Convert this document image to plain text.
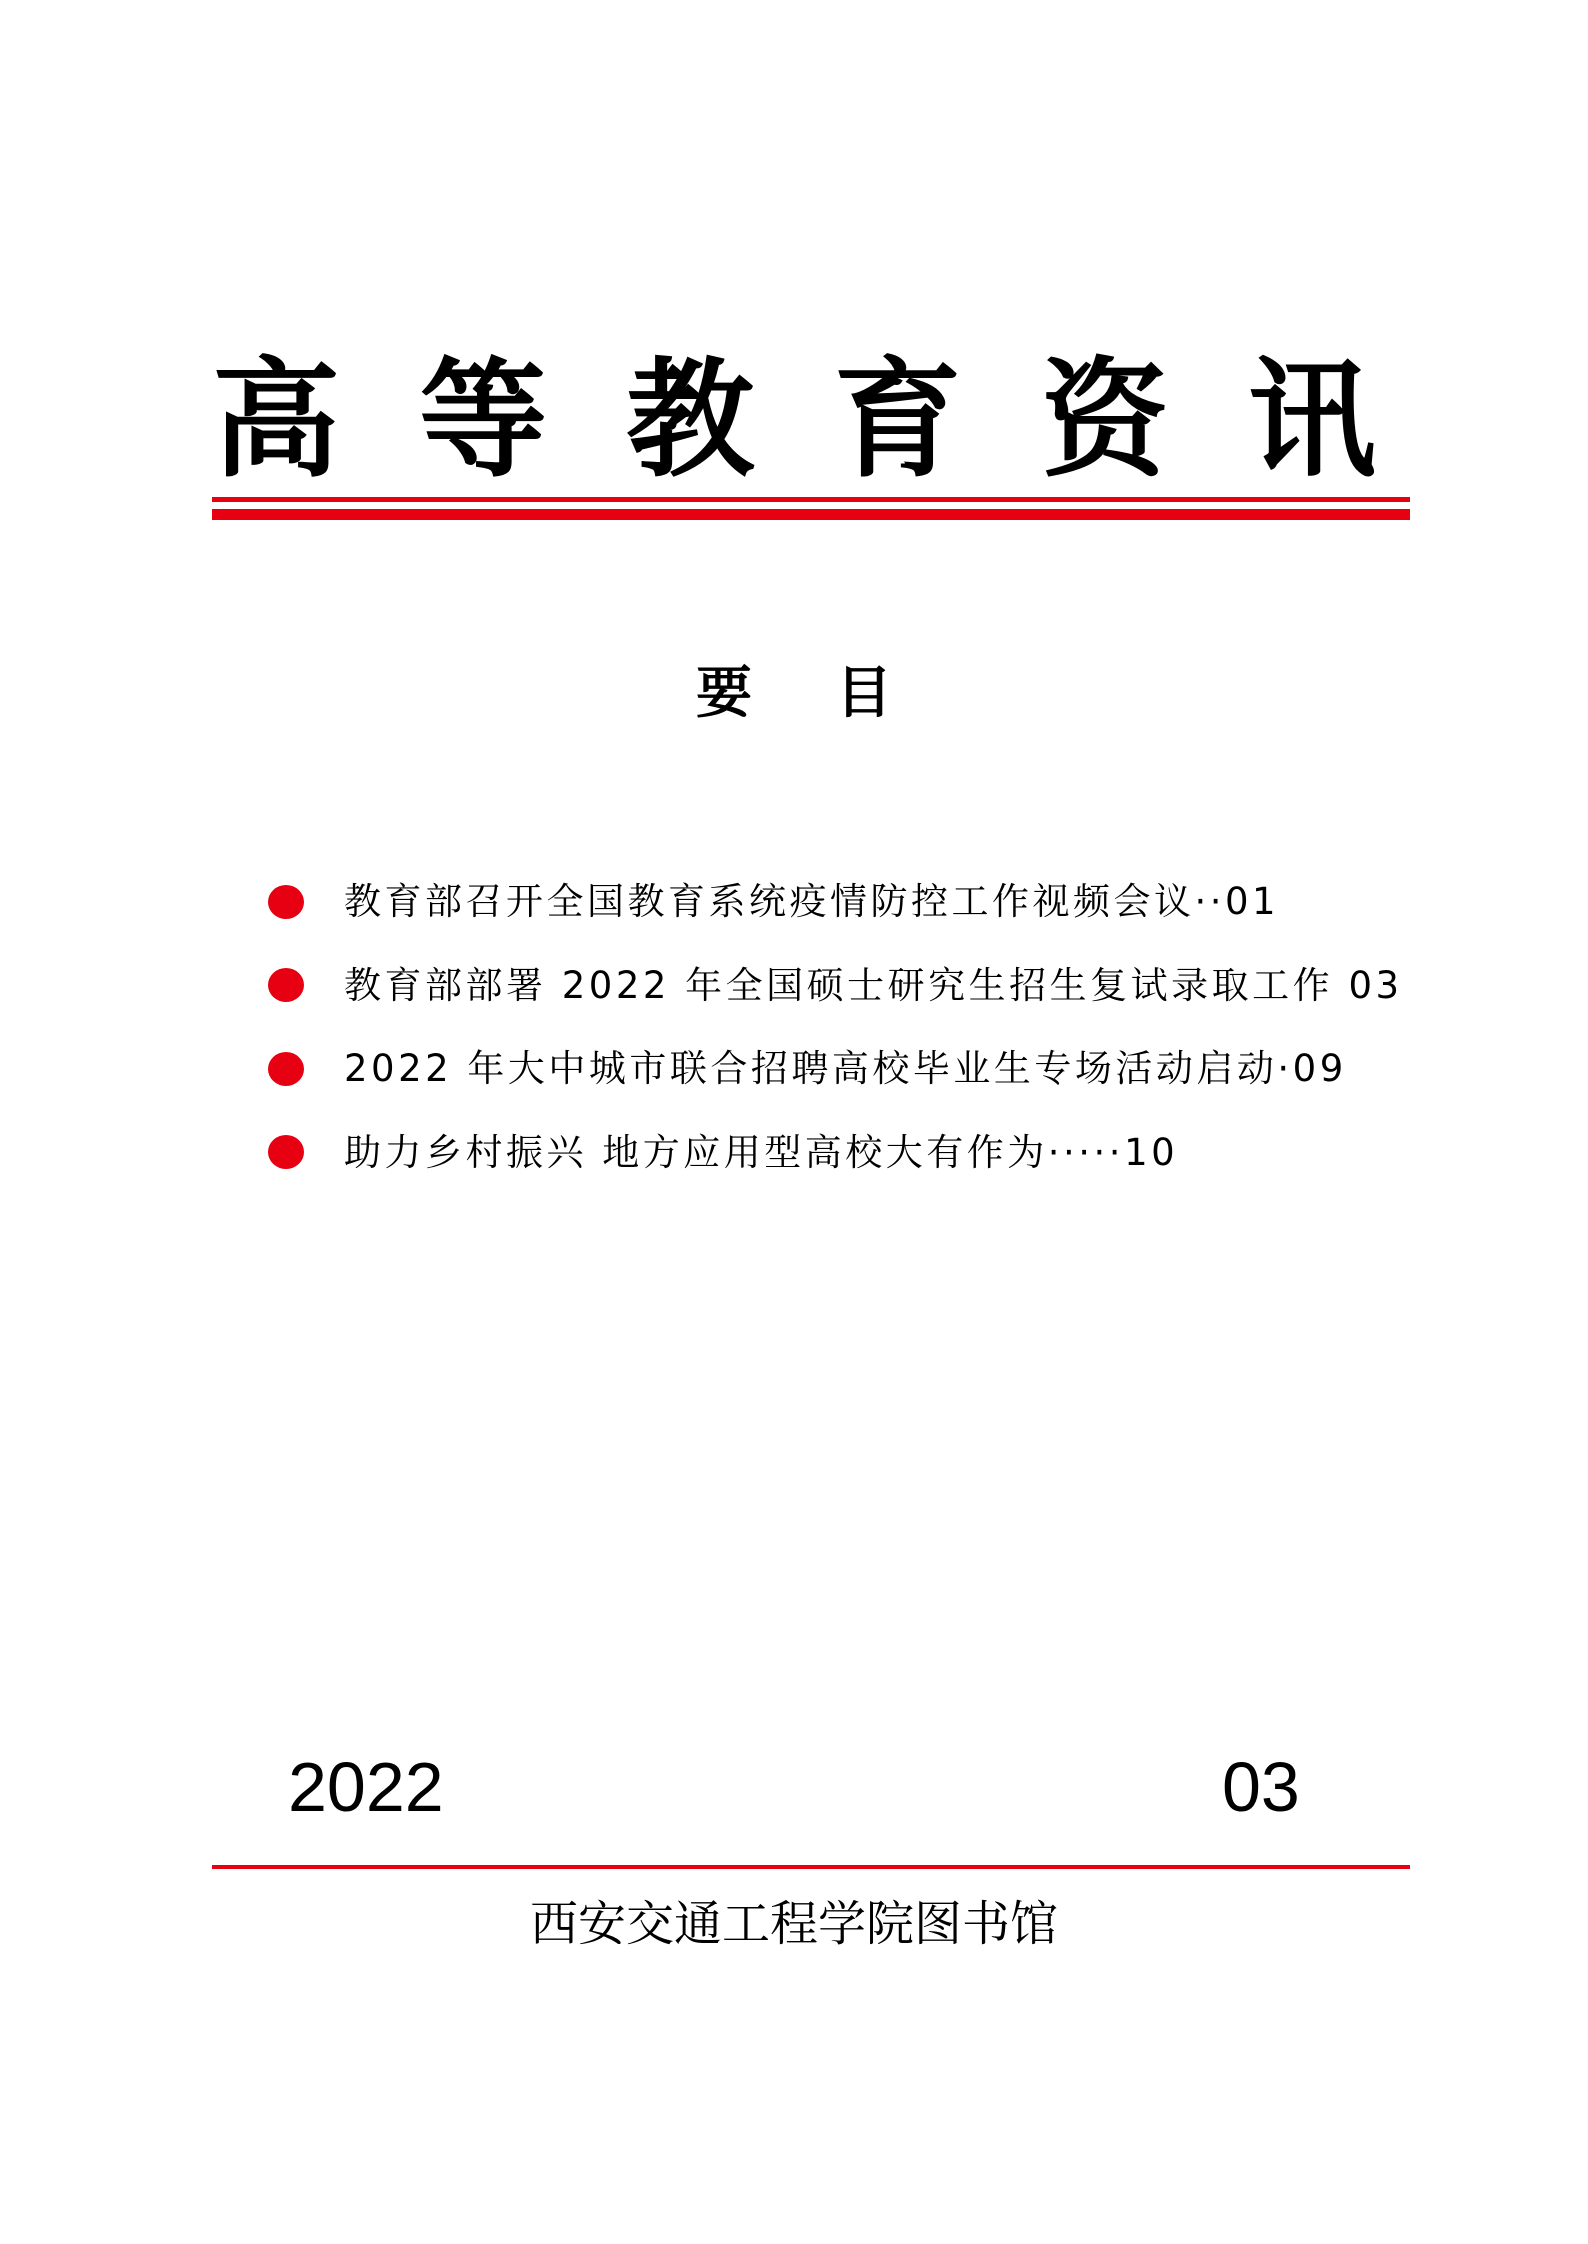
高 等 教 育 资 讯
要目
教育部召开全国教育系统疫情防控工作视频会议··01
教育部部署 2022 年全国硕士研究生招生复试录取工作 03
2022 年大中城市联合招聘高校毕业生专场活动启动·09
助力乡村振兴 地方应用型高校大有作为·····10
2022	03
西安交通工程学院图书馆
